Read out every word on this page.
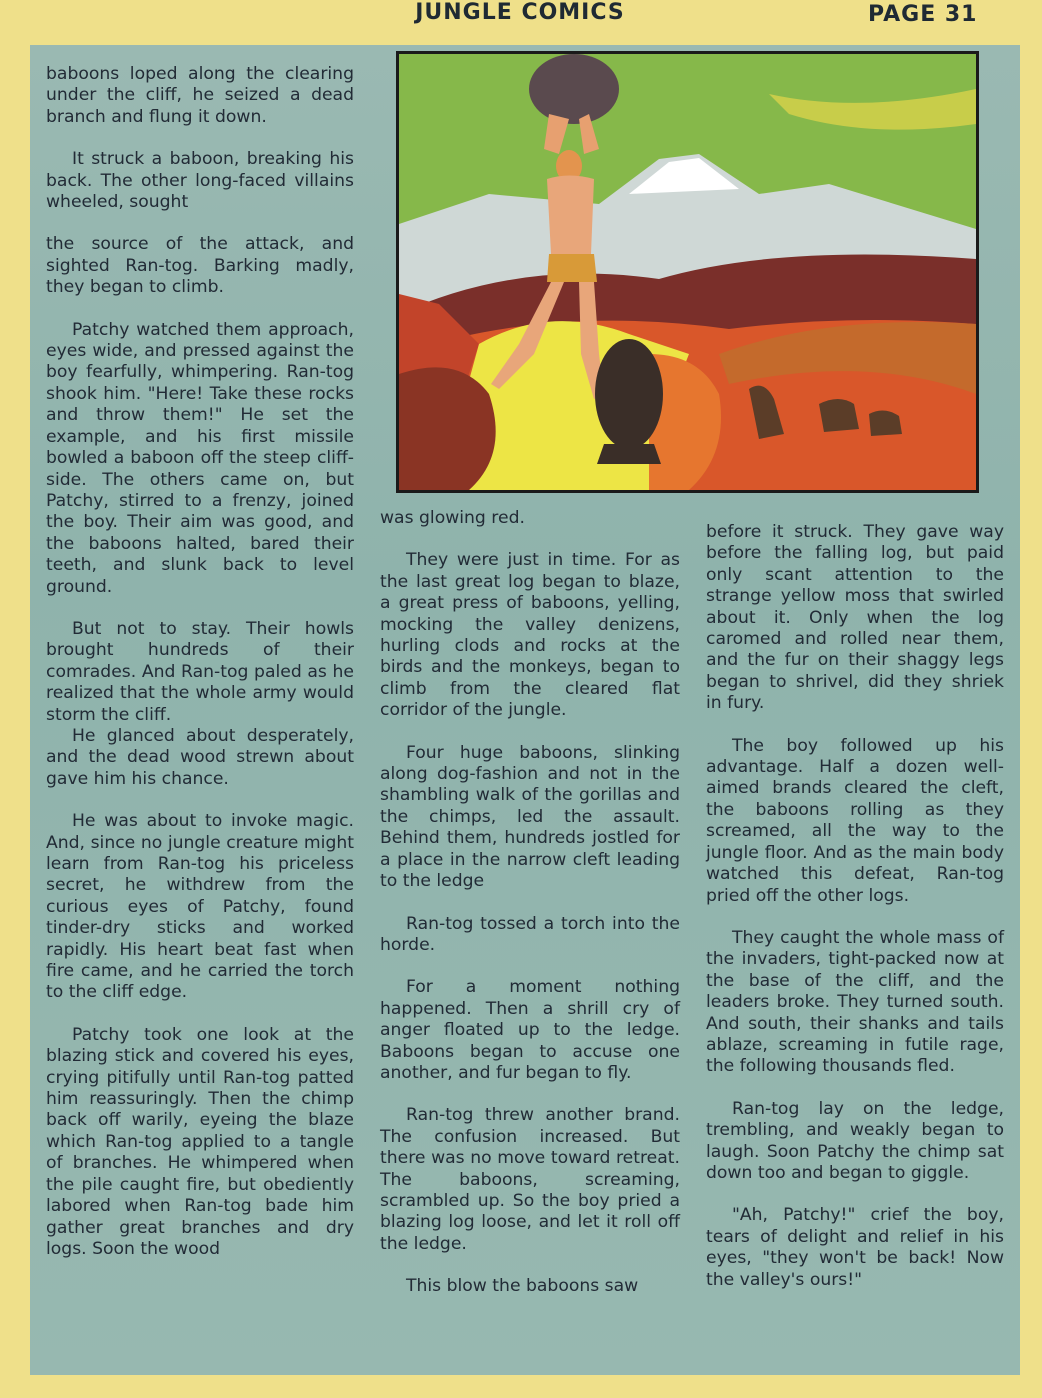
JUNGLE COMICS	PAGE 31

baboons loped along the clearing under the cliff, he seized a dead branch and flung it down.

It struck a baboon, breaking his back. The other long-faced villains wheeled, sought

the source of the attack, and sighted Ran-tog. Barking madly, they began to climb.

Patchy watched them approach, eyes wide, and pressed against the boy fearfully, whimpering. Ran-tog shook him. "Here! Take these rocks and throw them!" He set the example, and his first missile bowled a baboon off the steep cliff-side. The others came on, but Patchy, stirred to a frenzy, joined the boy. Their aim was good, and the baboons halted, bared their teeth, and slunk back to level ground.

But not to stay. Their howls brought hundreds of their comrades. And Ran-tog paled as he realized that the whole army would storm the cliff.

He glanced about desperately, and the dead wood strewn about gave him his chance.

He was about to invoke magic. And, since no jungle creature might learn from Ran-tog his priceless secret, he withdrew from the curious eyes of Patchy, found tinder-dry sticks and worked rapidly. His heart beat fast when fire came, and he carried the torch to the cliff edge.

Patchy took one look at the blazing stick and covered his eyes, crying pitifully until Ran-tog patted him reassuringly. Then the chimp back off warily, eyeing the blaze which Ran-tog applied to a tangle of branches. He whimpered when the pile caught fire, but obediently labored when Ran-tog bade him gather great branches and dry logs. Soon the wood

was glowing red.

They were just in time. For as the last great log began to blaze, a great press of baboons, yelling, mocking the valley denizens, hurling clods and rocks at the birds and the monkeys, began to climb from the cleared flat corridor of the jungle.

Four huge baboons, slinking along dog-fashion and not in the shambling walk of the gorillas and the chimps, led the assault. Behind them, hundreds jostled for a place in the narrow cleft leading to the ledge

Ran-tog tossed a torch into the horde.

For a moment nothing happened. Then a shrill cry of anger floated up to the ledge. Baboons began to accuse one another, and fur began to fly.

Ran-tog threw another brand. The confusion increased. But there was no move toward retreat. The baboons, screaming, scrambled up. So the boy pried a blazing log loose, and let it roll off the ledge.

This blow the baboons saw

before it struck. They gave way before the falling log, but paid only scant attention to the strange yellow moss that swirled about it. Only when the log caromed and rolled near them, and the fur on their shaggy legs began to shrivel, did they shriek in fury.

The boy followed up his advantage. Half a dozen well-aimed brands cleared the cleft, the baboons rolling as they screamed, all the way to the jungle floor. And as the main body watched this defeat, Ran-tog pried off the other logs.

They caught the whole mass of the invaders, tight-packed now at the base of the cliff, and the leaders broke. They turned south. And south, their shanks and tails ablaze, screaming in futile rage, the following thousands fled.

Ran-tog lay on the ledge, trembling, and weakly began to laugh. Soon Patchy the chimp sat down too and began to giggle.

"Ah, Patchy!" crief the boy, tears of delight and relief in his eyes, "they won't be back! Now the valley's ours!"
